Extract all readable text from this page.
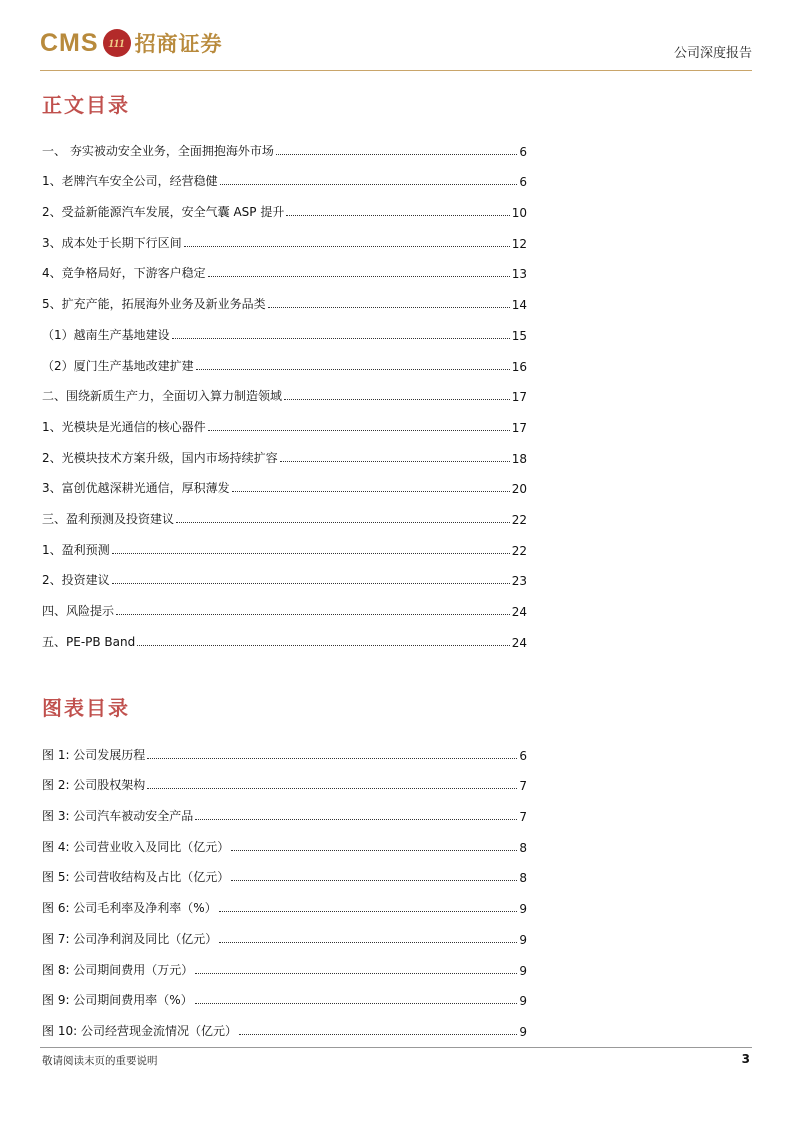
CMS 111 招商证券	公司深度报告
正文目录
一、 夯实被动安全业务，全面拥抱海外市场	6
1、老牌汽车安全公司，经营稳健	6
2、受益新能源汽车发展，安全气囊 ASP 提升	10
3、成本处于长期下行区间	12
4、竞争格局好，下游客户稳定	13
5、扩充产能，拓展海外业务及新业务品类	14
（1）越南生产基地建设	15
（2）厦门生产基地改建扩建	16
二、围绕新质生产力，全面切入算力制造领域	17
1、光模块是光通信的核心器件	17
2、光模块技术方案升级，国内市场持续扩容	18
3、富创优越深耕光通信，厚积薄发	20
三、盈利预测及投资建议	22
1、盈利预测	22
2、投资建议	23
四、风险提示	24
五、PE-PB Band	24
图表目录
图 1: 公司发展历程	6
图 2: 公司股权架构	7
图 3: 公司汽车被动安全产品	7
图 4: 公司营业收入及同比（亿元）	8
图 5: 公司营收结构及占比（亿元）	8
图 6: 公司毛利率及净利率（%）	9
图 7: 公司净利润及同比（亿元）	9
图 8: 公司期间费用（万元）	9
图 9: 公司期间费用率（%）	9
图 10: 公司经营现金流情况（亿元）	9
敬请阅读末页的重要说明	3
